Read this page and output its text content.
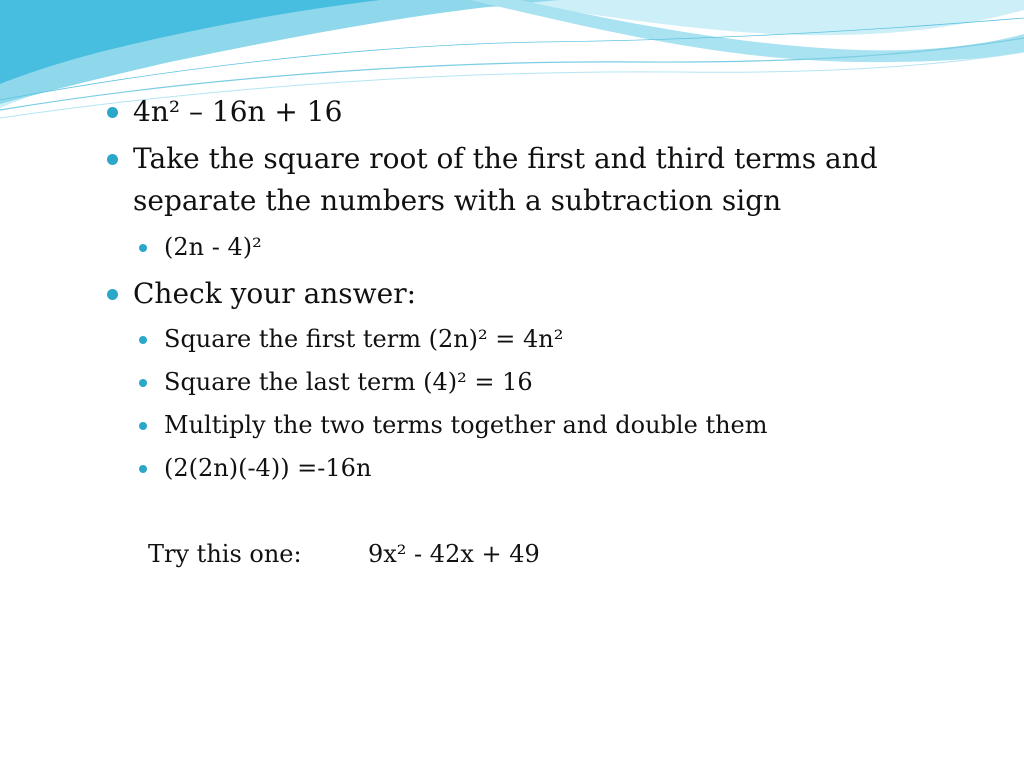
4n² – 16n + 16
Take the square root of the first and third terms and
separate the numbers with a subtraction sign
(2n - 4)²
Check your answer:
Square the first term (2n)² = 4n²
Square the last term (4)² = 16
Multiply the two terms together and double them
(2(2n)(-4)) =-16n
Try this one:	9x² - 42x + 49
